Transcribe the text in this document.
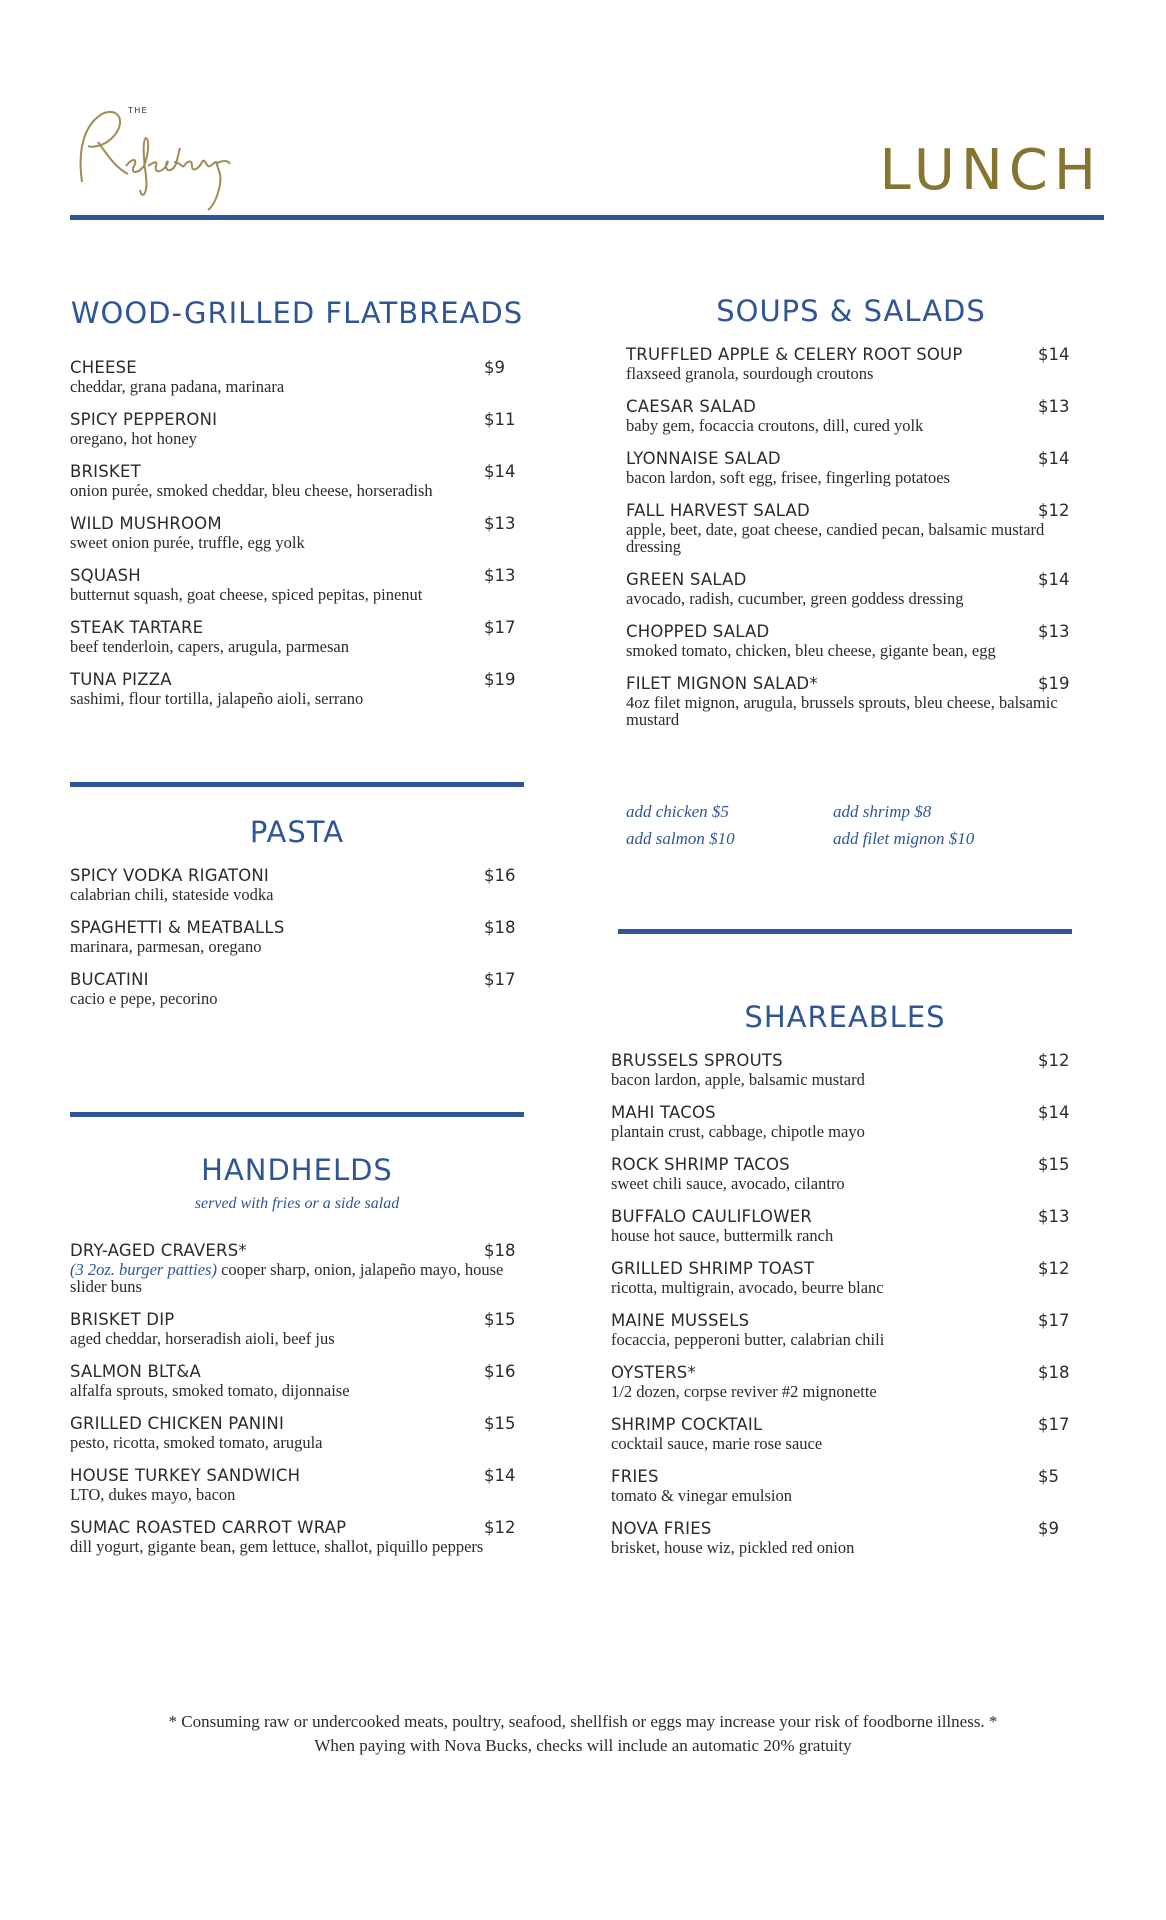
THE
LUNCH
WOOD-GRILLED FLATBREADS
CHEESE	$9
cheddar, grana padana, marinara
SPICY PEPPERONI	$11
oregano, hot honey
BRISKET	$14
onion purée, smoked cheddar, bleu cheese, horseradish
WILD MUSHROOM	$13
sweet onion purée, truffle, egg yolk
SQUASH	$13
butternut squash, goat cheese, spiced pepitas, pinenut
STEAK TARTARE	$17
beef tenderloin, capers, arugula, parmesan
TUNA PIZZA	$19
sashimi, flour tortilla, jalapeño aioli, serrano
PASTA
SPICY VODKA RIGATONI	$16
calabrian chili, stateside vodka
SPAGHETTI & MEATBALLS	$18
marinara, parmesan, oregano
BUCATINI	$17
cacio e pepe, pecorino
HANDHELDS
served with fries or a side salad
DRY-AGED CRAVERS*	$18
(3 2oz. burger patties) cooper sharp, onion, jalapeño mayo, house slider buns
BRISKET DIP	$15
aged cheddar, horseradish aioli, beef jus
SALMON BLT&A	$16
alfalfa sprouts, smoked tomato, dijonnaise
GRILLED CHICKEN PANINI	$15
pesto, ricotta, smoked tomato, arugula
HOUSE TURKEY SANDWICH	$14
LTO, dukes mayo, bacon
SUMAC ROASTED CARROT WRAP	$12
dill yogurt, gigante bean, gem lettuce, shallot, piquillo peppers
SOUPS & SALADS
TRUFFLED APPLE & CELERY ROOT SOUP	$14
flaxseed granola, sourdough croutons
CAESAR SALAD	$13
baby gem, focaccia croutons, dill, cured yolk
LYONNAISE SALAD	$14
bacon lardon, soft egg, frisee, fingerling potatoes
FALL HARVEST SALAD	$12
apple, beet, date, goat cheese, candied pecan, balsamic mustard dressing
GREEN SALAD	$14
avocado, radish, cucumber, green goddess dressing
CHOPPED SALAD	$13
smoked tomato, chicken, bleu cheese, gigante bean, egg
FILET MIGNON SALAD*	$19
4oz filet mignon, arugula, brussels sprouts, bleu cheese, balsamic mustard
add chicken $5	add shrimp $8
add salmon $10	add filet mignon $10
SHAREABLES
BRUSSELS SPROUTS	$12
bacon lardon, apple, balsamic mustard
MAHI TACOS	$14
plantain crust, cabbage, chipotle mayo
ROCK SHRIMP TACOS	$15
sweet chili sauce, avocado, cilantro
BUFFALO CAULIFLOWER	$13
house hot sauce, buttermilk ranch
GRILLED SHRIMP TOAST	$12
ricotta, multigrain, avocado, beurre blanc
MAINE MUSSELS	$17
focaccia, pepperoni butter, calabrian chili
OYSTERS*	$18
1/2 dozen, corpse reviver #2 mignonette
SHRIMP COCKTAIL	$17
cocktail sauce, marie rose sauce
FRIES	$5
tomato & vinegar emulsion
NOVA FRIES	$9
brisket, house wiz, pickled red onion
* Consuming raw or undercooked meats, poultry, seafood, shellfish or eggs may increase your risk of foodborne illness. *
When paying with Nova Bucks, checks will include an automatic 20% gratuity
